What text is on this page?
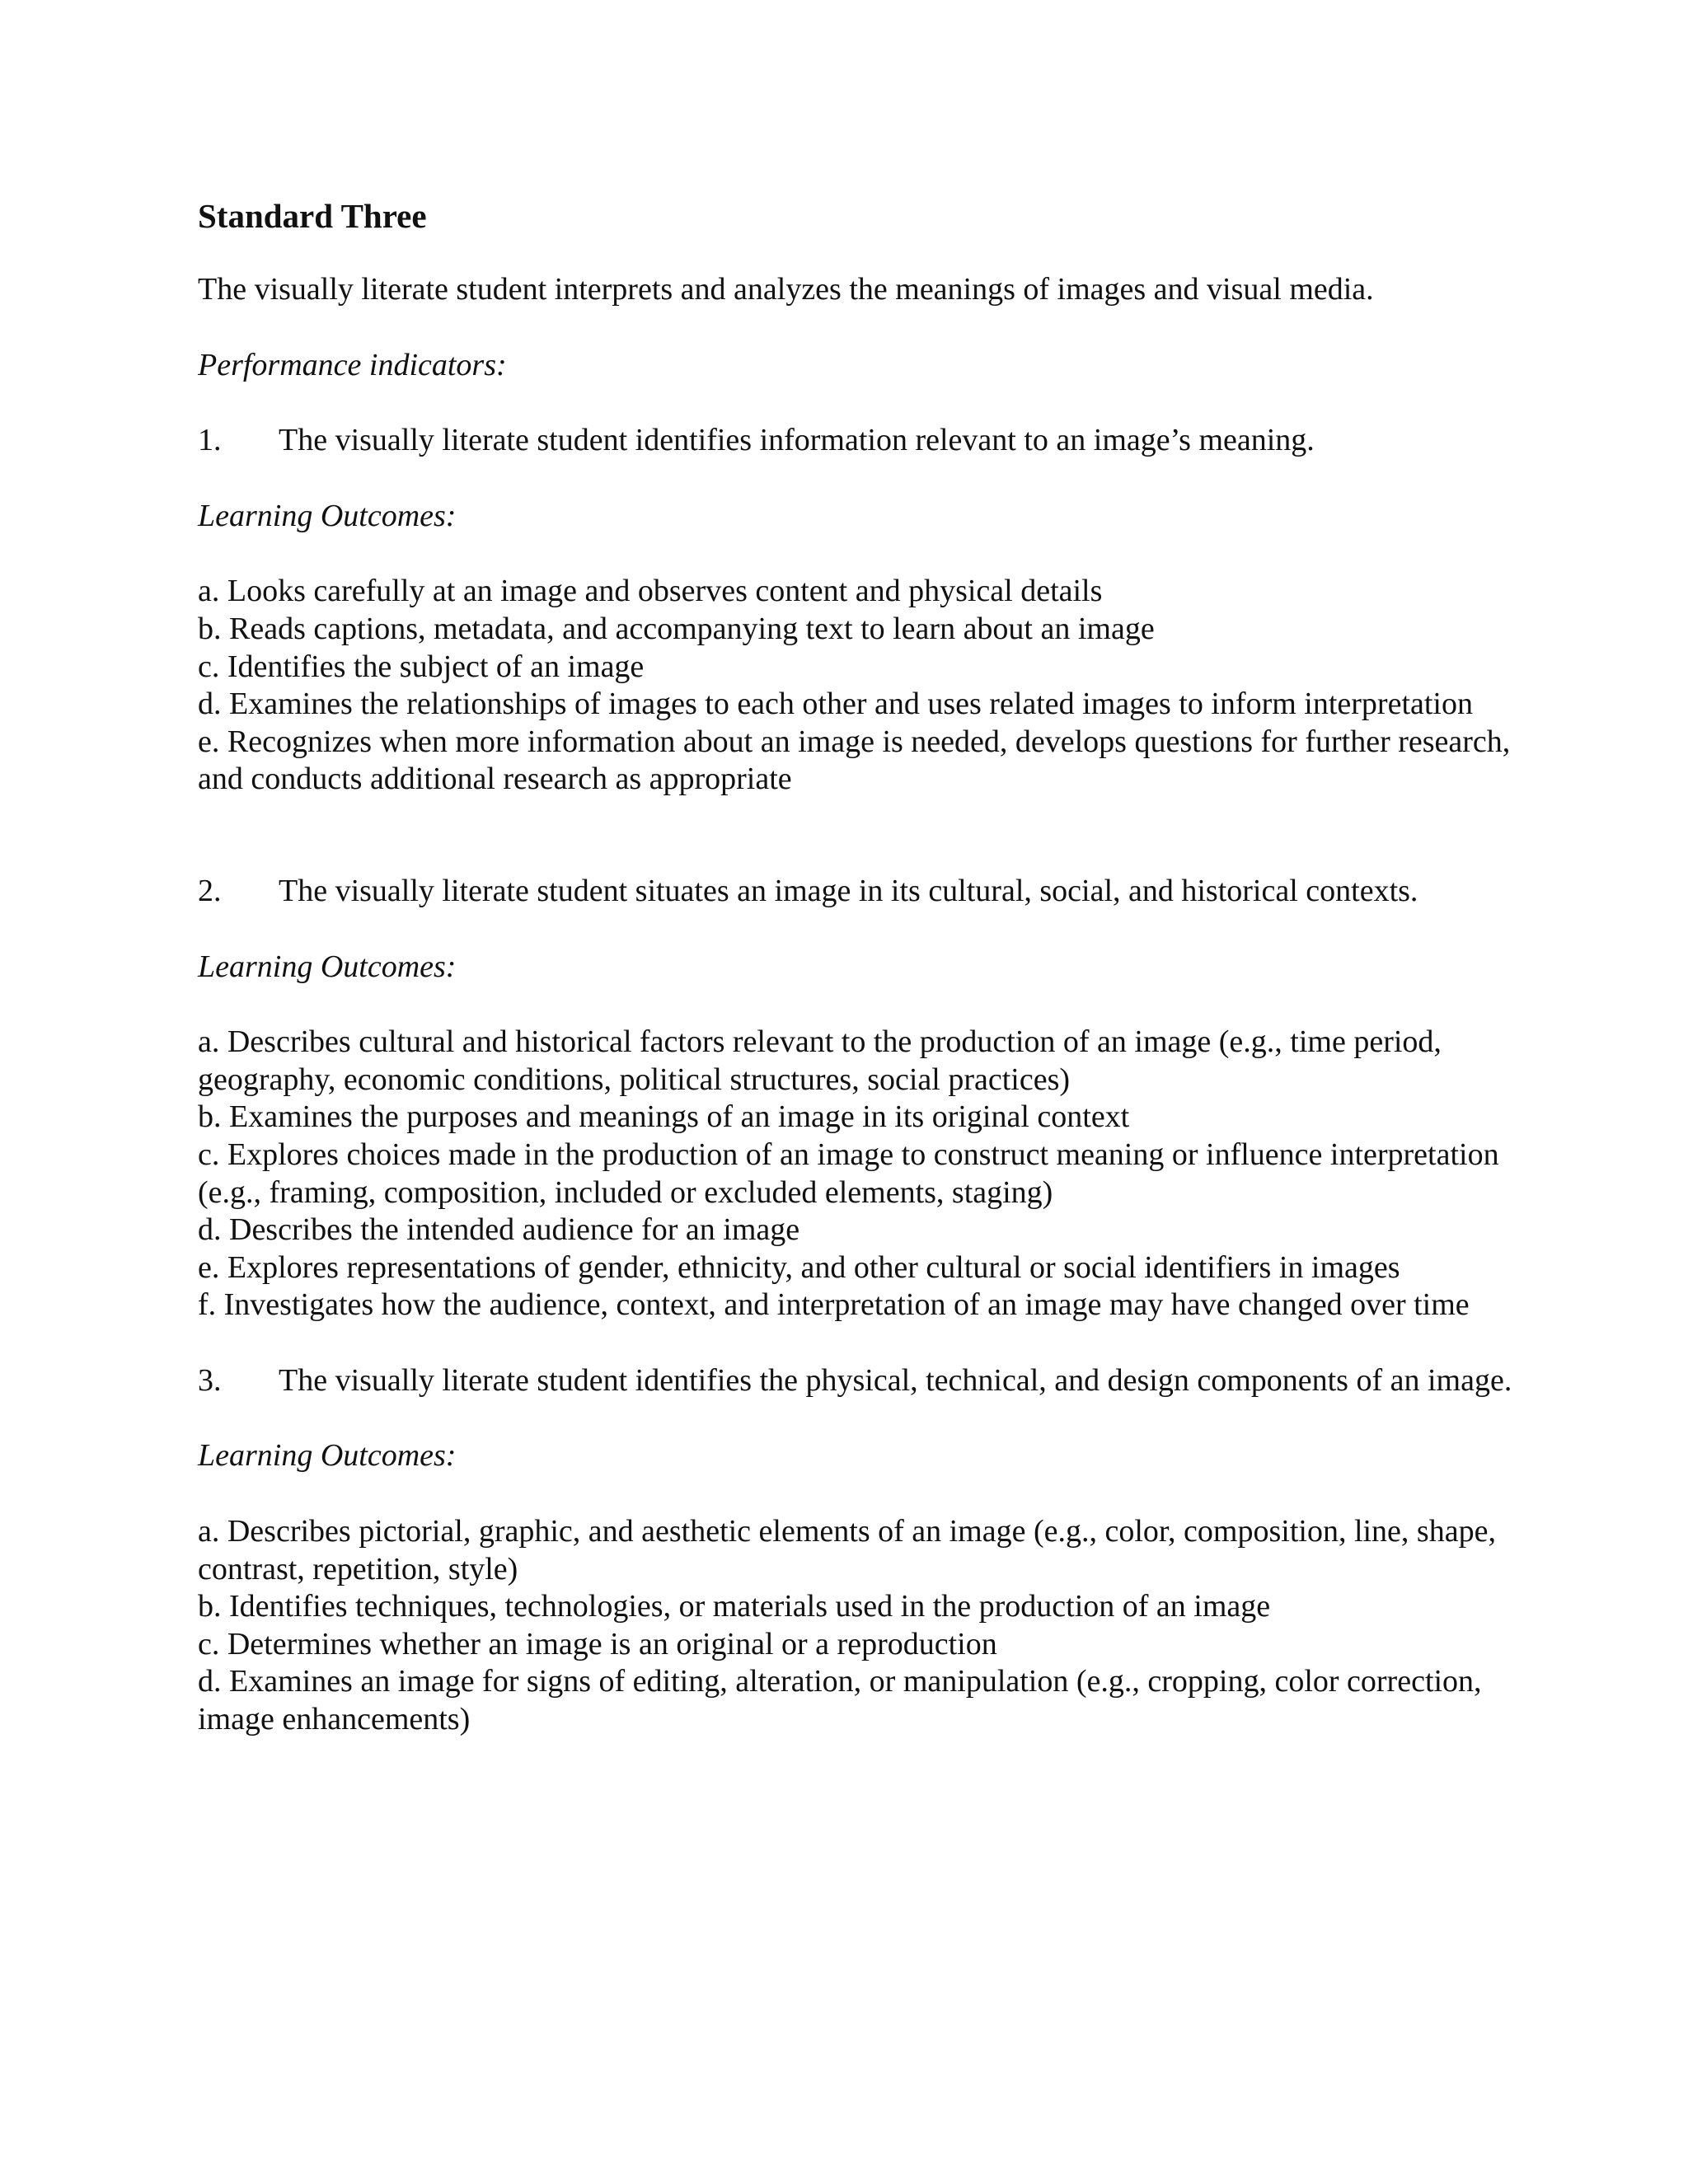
Standard Three

The visually literate student interprets and analyzes the meanings of images and visual media.

Performance indicators:

1.	The visually literate student identifies information relevant to an image’s meaning.

Learning Outcomes:

a. Looks carefully at an image and observes content and physical details
b. Reads captions, metadata, and accompanying text to learn about an image
c. Identifies the subject of an image
d. Examines the relationships of images to each other and uses related images to inform interpretation
e. Recognizes when more information about an image is needed, develops questions for further research, and conducts additional research as appropriate
2.	The visually literate student situates an image in its cultural, social, and historical contexts.

Learning Outcomes:

a. Describes cultural and historical factors relevant to the production of an image (e.g., time period, geography, economic conditions, political structures, social practices)
b. Examines the purposes and meanings of an image in its original context
c. Explores choices made in the production of an image to construct meaning or influence interpretation (e.g., framing, composition, included or excluded elements, staging)
d. Describes the intended audience for an image
e. Explores representations of gender, ethnicity, and other cultural or social identifiers in images
f. Investigates how the audience, context, and interpretation of an image may have changed over time
3. The visually literate student identifies the physical, technical, and design components of an image.

Learning Outcomes:

a. Describes pictorial, graphic, and aesthetic elements of an image (e.g., color, composition, line, shape, contrast, repetition, style)
b. Identifies techniques, technologies, or materials used in the production of an image
c. Determines whether an image is an original or a reproduction
d. Examines an image for signs of editing, alteration, or manipulation (e.g., cropping, color correction, image enhancements)
